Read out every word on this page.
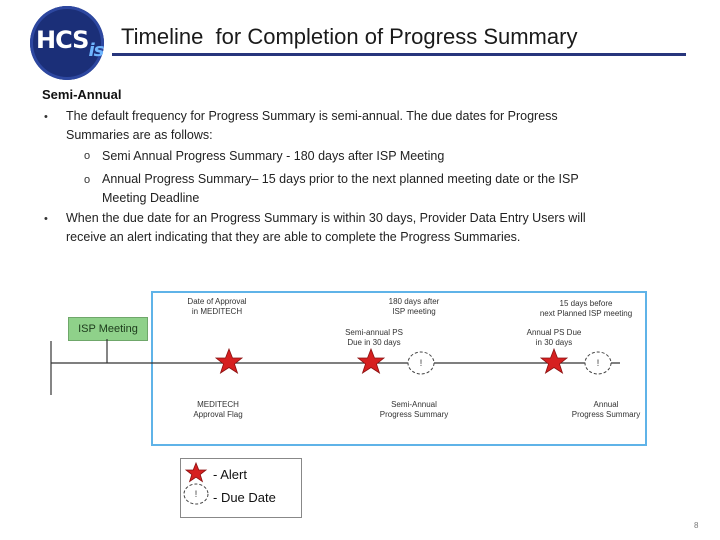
$HCS_{is}$
Timeline  for Completion of Progress Summary
Semi-Annual
• The default frequency for Progress Summary is semi-annual. The due dates for Progress
Summaries are as follows:
o Semi Annual Progress Summary - 180 days after ISP Meeting
o Annual Progress Summary– 15 days prior to the next planned meeting date or the ISP
Meeting Deadline
• When the due date for an Progress Summary is within 30 days, Provider Data Entry Users will
receive an alert indicating that they are able to complete the Progress Summaries.
ISP Meeting
!	!
!
Date of Approval
in MEDITECH
180 days after
ISP meeting
15 days before
next Planned ISP meeting
Semi-annual PS
Due in 30 days
Annual PS Due
in 30 days
MEDITECH
Approval Flag
Semi-Annual
Progress Summary
Annual
Progress Summary
- Alert
- Due Date
8
